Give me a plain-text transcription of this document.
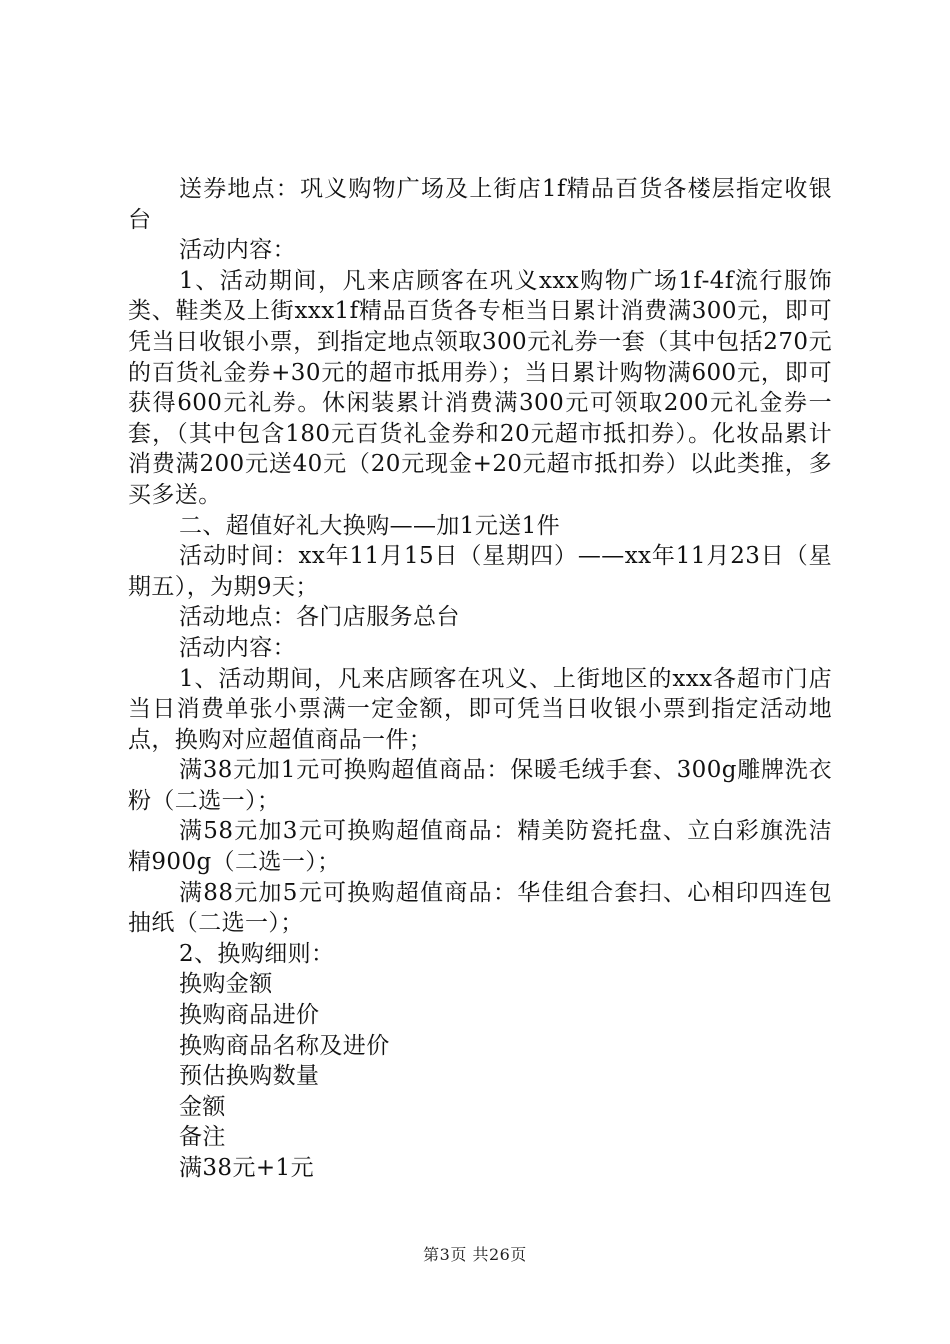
送券地点：巩义购物广场及上街店1f精品百货各楼层指定收银台

活动内容：

1、活动期间，凡来店顾客在巩义xxx购物广场1f-4f流行服饰类、鞋类及上街xxx1f精品百货各专柜当日累计消费满300元，即可凭当日收银小票，到指定地点领取300元礼券一套（其中包括270元的百货礼金券+30元的超市抵用券）；当日累计购物满600元，即可获得600元礼券。休闲装累计消费满300元可领取200元礼金券一套，（其中包含180元百货礼金券和20元超市抵扣券）。化妆品累计消费满200元送40元（20元现金+20元超市抵扣券）以此类推，多买多送。

二、超值好礼大换购——加1元送1件

活动时间：xx年11月15日（星期四）——xx年11月23日（星期五），为期9天；

活动地点：各门店服务总台

活动内容：

1、活动期间，凡来店顾客在巩义、上街地区的xxx各超市门店当日消费单张小票满一定金额，即可凭当日收银小票到指定活动地点，换购对应超值商品一件；

满38元加1元可换购超值商品：保暖毛绒手套、300g雕牌洗衣粉（二选一）；

满58元加3元可换购超值商品：精美防瓷托盘、立白彩旗洗洁精900g（二选一）；

满88元加5元可换购超值商品：华佳组合套扫、心相印四连包抽纸（二选一）；

2、换购细则：

换购金额

换购商品进价

换购商品名称及进价

预估换购数量

金额

备注

满38元+1元

第3页 共26页
